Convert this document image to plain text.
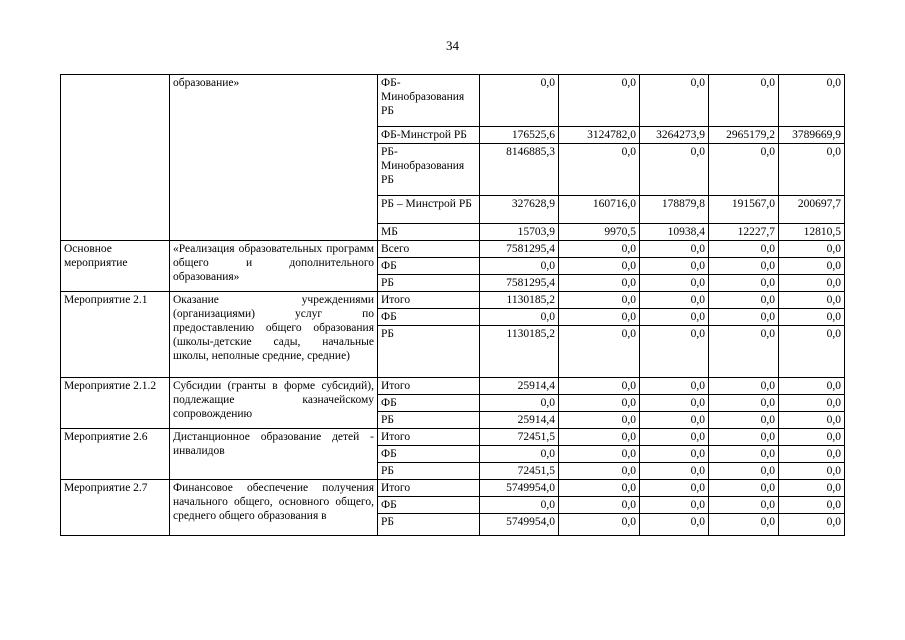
34
	образование»	ФБ-Минобразования РБ	0,0	0,0	0,0	0,0	0,0
		ФБ-Минстрой РБ	176525,6	3124782,0	3264273,9	2965179,2	3789669,9
		РБ-Минобразования РБ	8146885,3	0,0	0,0	0,0	0,0
		РБ – Минстрой РБ	327628,9	160716,0	178879,8	191567,0	200697,7
		МБ	15703,9	9970,5	10938,4	12227,7	12810,5
Основное мероприятие	«Реализация образовательных программ общего и дополнительного образования»	Всего	7581295,4	0,0	0,0	0,0	0,0
		ФБ	0,0	0,0	0,0	0,0	0,0
		РБ	7581295,4	0,0	0,0	0,0	0,0
Мероприятие 2.1	Оказание учреждениями (организациями) услуг по предоставлению общего образования (школы-детские сады, начальные школы, неполные средние, средние)	Итого	1130185,2	0,0	0,0	0,0	0,0
		ФБ	0,0	0,0	0,0	0,0	0,0
		РБ	1130185,2	0,0	0,0	0,0	0,0
Мероприятие 2.1.2	Субсидии (гранты в форме субсидий), подлежащие казначейскому сопровождению	Итого	25914,4	0,0	0,0	0,0	0,0
		ФБ	0,0	0,0	0,0	0,0	0,0
		РБ	25914,4	0,0	0,0	0,0	0,0
Мероприятие 2.6	Дистанционное образование детей - инвалидов	Итого	72451,5	0,0	0,0	0,0	0,0
		ФБ	0,0	0,0	0,0	0,0	0,0
		РБ	72451,5	0,0	0,0	0,0	0,0
Мероприятие 2.7	Финансовое обеспечение получения начального общего, основного общего, среднего общего образования в	Итого	5749954,0	0,0	0,0	0,0	0,0
		ФБ	0,0	0,0	0,0	0,0	0,0
		РБ	5749954,0	0,0	0,0	0,0	0,0
